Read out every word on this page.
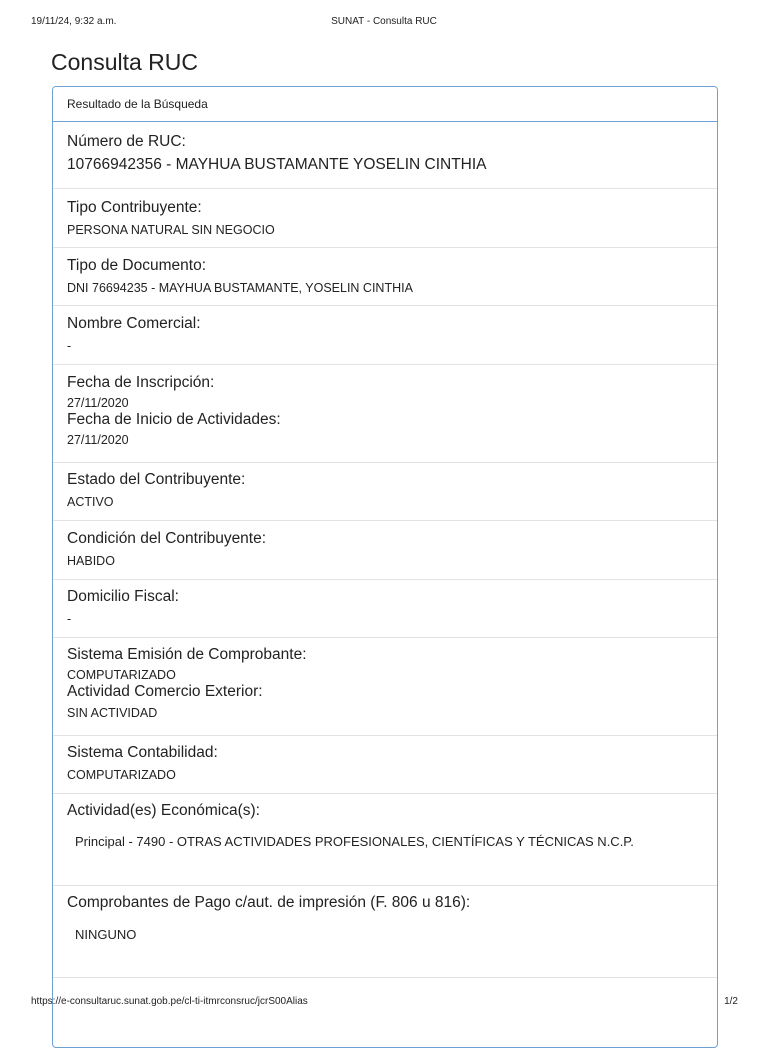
19/11/24, 9:32 a.m.	SUNAT - Consulta RUC
Consulta RUC
Resultado de la Búsqueda
Número de RUC:
10766942356 - MAYHUA BUSTAMANTE YOSELIN CINTHIA
Tipo Contribuyente:
PERSONA NATURAL SIN NEGOCIO
Tipo de Documento:
DNI 76694235 - MAYHUA BUSTAMANTE, YOSELIN CINTHIA
Nombre Comercial:
-
Fecha de Inscripción:
27/11/2020
Fecha de Inicio de Actividades:
27/11/2020
Estado del Contribuyente:
ACTIVO
Condición del Contribuyente:
HABIDO
Domicilio Fiscal:
-
Sistema Emisión de Comprobante:
COMPUTARIZADO
Actividad Comercio Exterior:
SIN ACTIVIDAD
Sistema Contabilidad:
COMPUTARIZADO
Actividad(es) Económica(s):
Principal - 7490 - OTRAS ACTIVIDADES PROFESIONALES, CIENTÍFICAS Y TÉCNICAS N.C.P.
Comprobantes de Pago c/aut. de impresión (F. 806 u 816):
NINGUNO
https://e-consultaruc.sunat.gob.pe/cl-ti-itmrconsruc/jcrS00Alias	1/2
